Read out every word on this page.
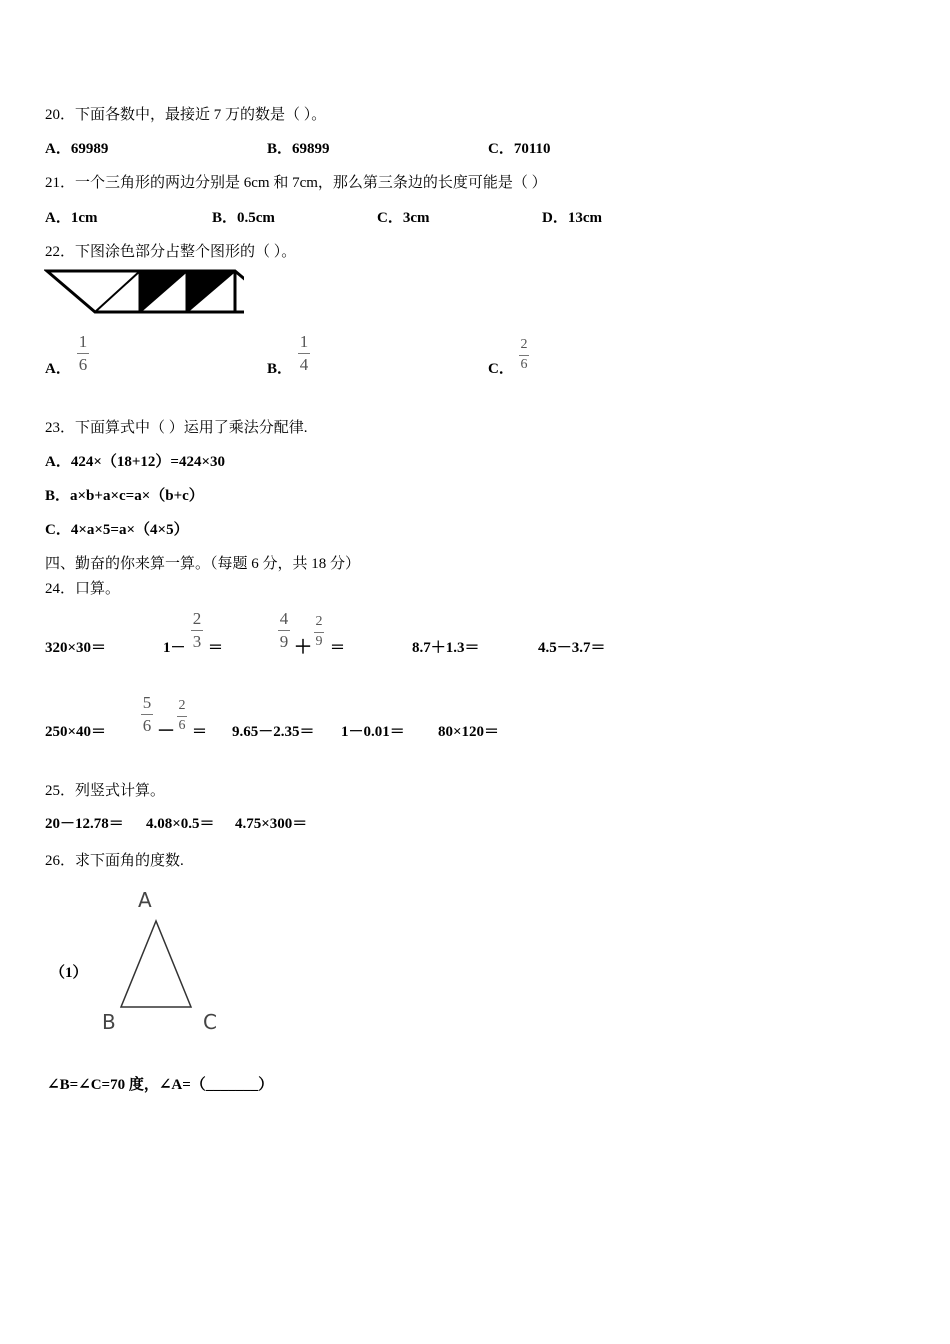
20．下面各数中，最接近 7 万的数是（ ）。
A．69989	B．69899	C．70110
21．一个三角形的两边分别是 6cm 和 7cm，那么第三条边的长度可能是（ ）
A．1cm	B．0.5cm	C．3cm	D．13cm
22．下图涂色部分占整个图形的（ ）。
A．
1
6	B．
1
4	C．
2
6
23．下面算式中（ ）运用了乘法分配律.
A．424×（18+12）=424×30
B．a×b+a×c=a×（b+c）
C．4×a×5=a×（4×5）
四、勤奋的你来算一算。（每题 6 分，共 18 分）
24．口算。
320×30＝	1－
2
3 ＝
4
9 ＋
2
9 ＝	8.7＋1.3＝	4.5－3.7＝
250×40＝
5
6 －
2
6 ＝ 9.65－2.35＝ 1－0.01＝ 80×120＝
25．列竖式计算。
20－12.78＝ 4.08×0.5＝ 4.75×300＝
26．求下面角的度数.
（1）
A
B	C
∠B=∠C=70 度，∠A=（_______）
